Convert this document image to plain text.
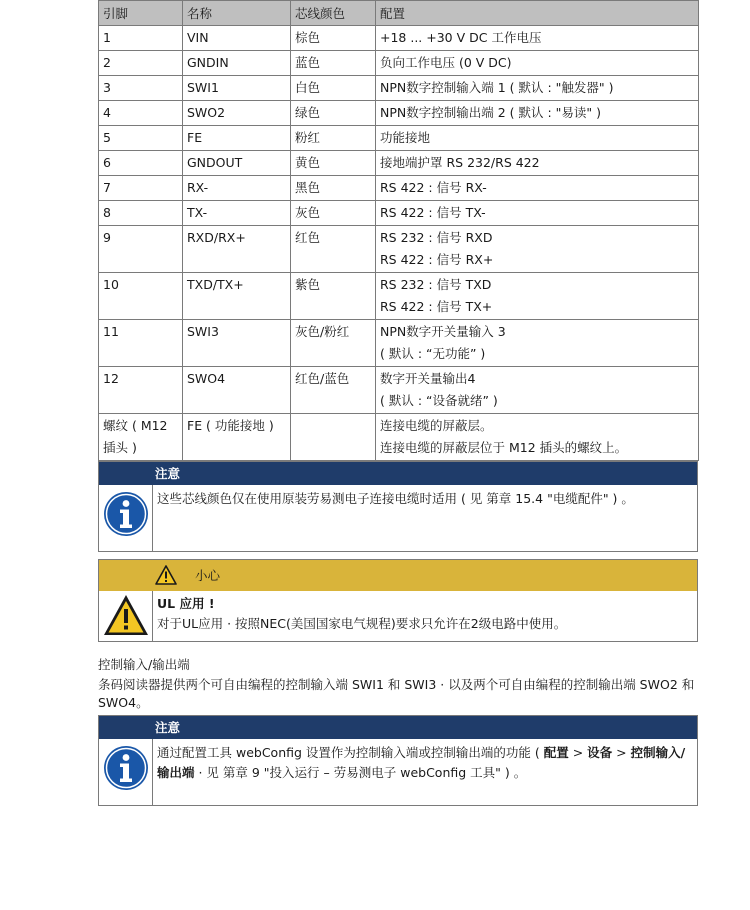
引脚	名称	芯线颜色	配置
1	VIN	棕色	+18 ... +30 V DC 工作电压

2	GNDIN	蓝色	负向工作电压 (0 V DC)

3	SWI1	白色	NPN数字控制输入端 1 ( 默认 : "触发器" )

4	SWO2	绿色	NPN数字控制输出端 2 ( 默认 : "易读" )

5	FE	粉红	功能接地

6	GNDOUT	黄色	接地端护罩 RS 232/RS 422

7	RX-	黑色	RS 422 : 信号 RX-

8	TX-	灰色	RS 422 : 信号 TX-

9	RXD/RX+	红色	RS 232 : 信号 RXD
RS 422 : 信号 RX+

10	TXD/TX+	紫色	RS 232 : 信号 TXD
RS 422 : 信号 TX+

11	SWI3	灰色/粉红	NPN数字开关量输入 3
( 默认 : “无功能” )

12	SWO4	红色/蓝色	数字开关量输出4
( 默认 : “设备就绪” )

螺纹 ( M12 插头 )	FE ( 功能接地 )		连接电缆的屏蔽层。
连接电缆的屏蔽层位于 M12 插头的螺纹上。
注意
这些芯线颜色仅在使用原装劳易测电子连接电缆时适用 ( 见 第章 15.4 "电缆配件" ) 。
小心
UL 应用 !
对于UL应用 · 按照NEC(美国国家电气规程)要求只允许在2级电路中使用。
控制输入/输出端
条码阅读器提供两个可自由编程的控制输入端 SWI1 和 SWI3 · 以及两个可自由编程的控制输出端 SWO2 和 SWO4。
注意
通过配置工具 webConfig 设置作为控制输入端或控制输出端的功能 ( 配置 > 设备 > 控制输入/输出端 · 见 第章 9 "投入运行 – 劳易测电子 webConfig 工具" ) 。
